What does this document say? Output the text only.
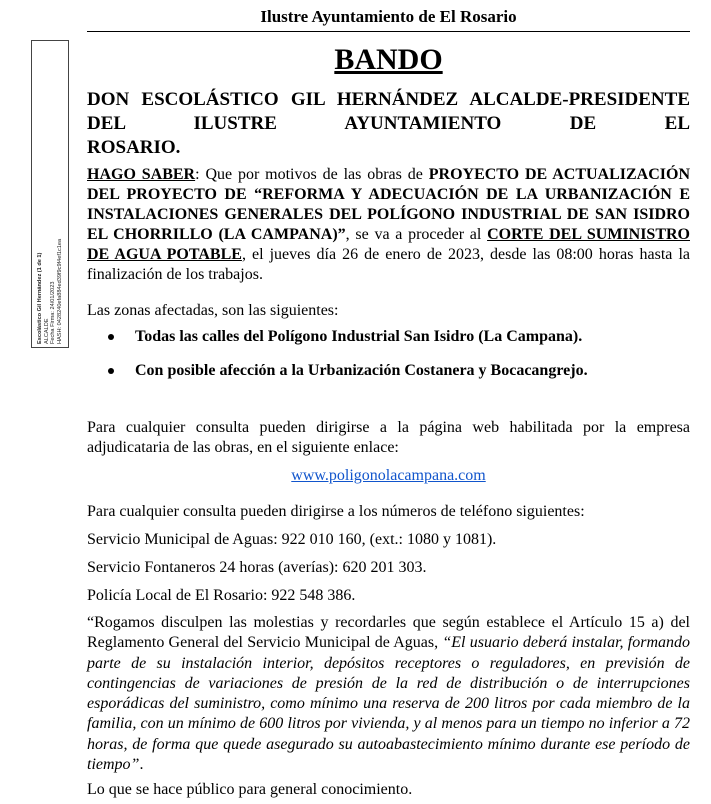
Ilustre Ayuntamiento de El Rosario
Escolástico Gil Hernández (1 de 1) ALCALDE Fecha Firma: 24/01/2023 HASH: 0428240efa884ed39f9c9f4ef1c1ea
BANDO
DON ESCOLÁSTICO GIL HERNÁNDEZ ALCALDE-PRESIDENTE DEL ILUSTRE AYUNTAMIENTO DE EL
ROSARIO.
HAGO SABER: Que por motivos de las obras de PROYECTO DE ACTUALIZACIÓN DEL PROYECTO DE “REFORMA Y ADECUACIÓN DE LA URBANIZACIÓN E INSTALACIONES GENERALES DEL POLÍGONO INDUSTRIAL DE SAN ISIDRO EL CHORRILLO (LA CAMPANA)”, se va a proceder al CORTE DEL SUMINISTRO DE AGUA POTABLE, el jueves día 26 de enero de 2023, desde las 08:00 horas hasta la finalización de los trabajos.
Las zonas afectadas, son las siguientes:
Todas las calles del Polígono Industrial San Isidro (La Campana).
Con posible afección a la Urbanización Costanera y Bocacangrejo.
Para cualquier consulta pueden dirigirse a la página web habilitada por la empresa adjudicataria de las obras, en el siguiente enlace:
www.poligonolacampana.com
Para cualquier consulta pueden dirigirse a los números de teléfono siguientes:
Servicio Municipal de Aguas: 922 010 160, (ext.: 1080 y 1081).
Servicio Fontaneros 24 horas (averías): 620 201 303.
Policía Local de El Rosario: 922 548 386.
“Rogamos disculpen las molestias y recordarles que según establece el Artículo 15 a) del Reglamento General del Servicio Municipal de Aguas, “El usuario deberá instalar, formando parte de su instalación interior, depósitos receptores o reguladores, en previsión de contingencias de variaciones de presión de la red de distribución o de interrupciones esporádicas del suministro, como mínimo una reserva de 200 litros por cada miembro de la familia, con un mínimo de 600 litros por vivienda, y al menos para un tiempo no inferior a 72 horas, de forma que quede asegurado su autoabastecimiento mínimo durante ese período de tiempo”.
Lo que se hace público para general conocimiento.
